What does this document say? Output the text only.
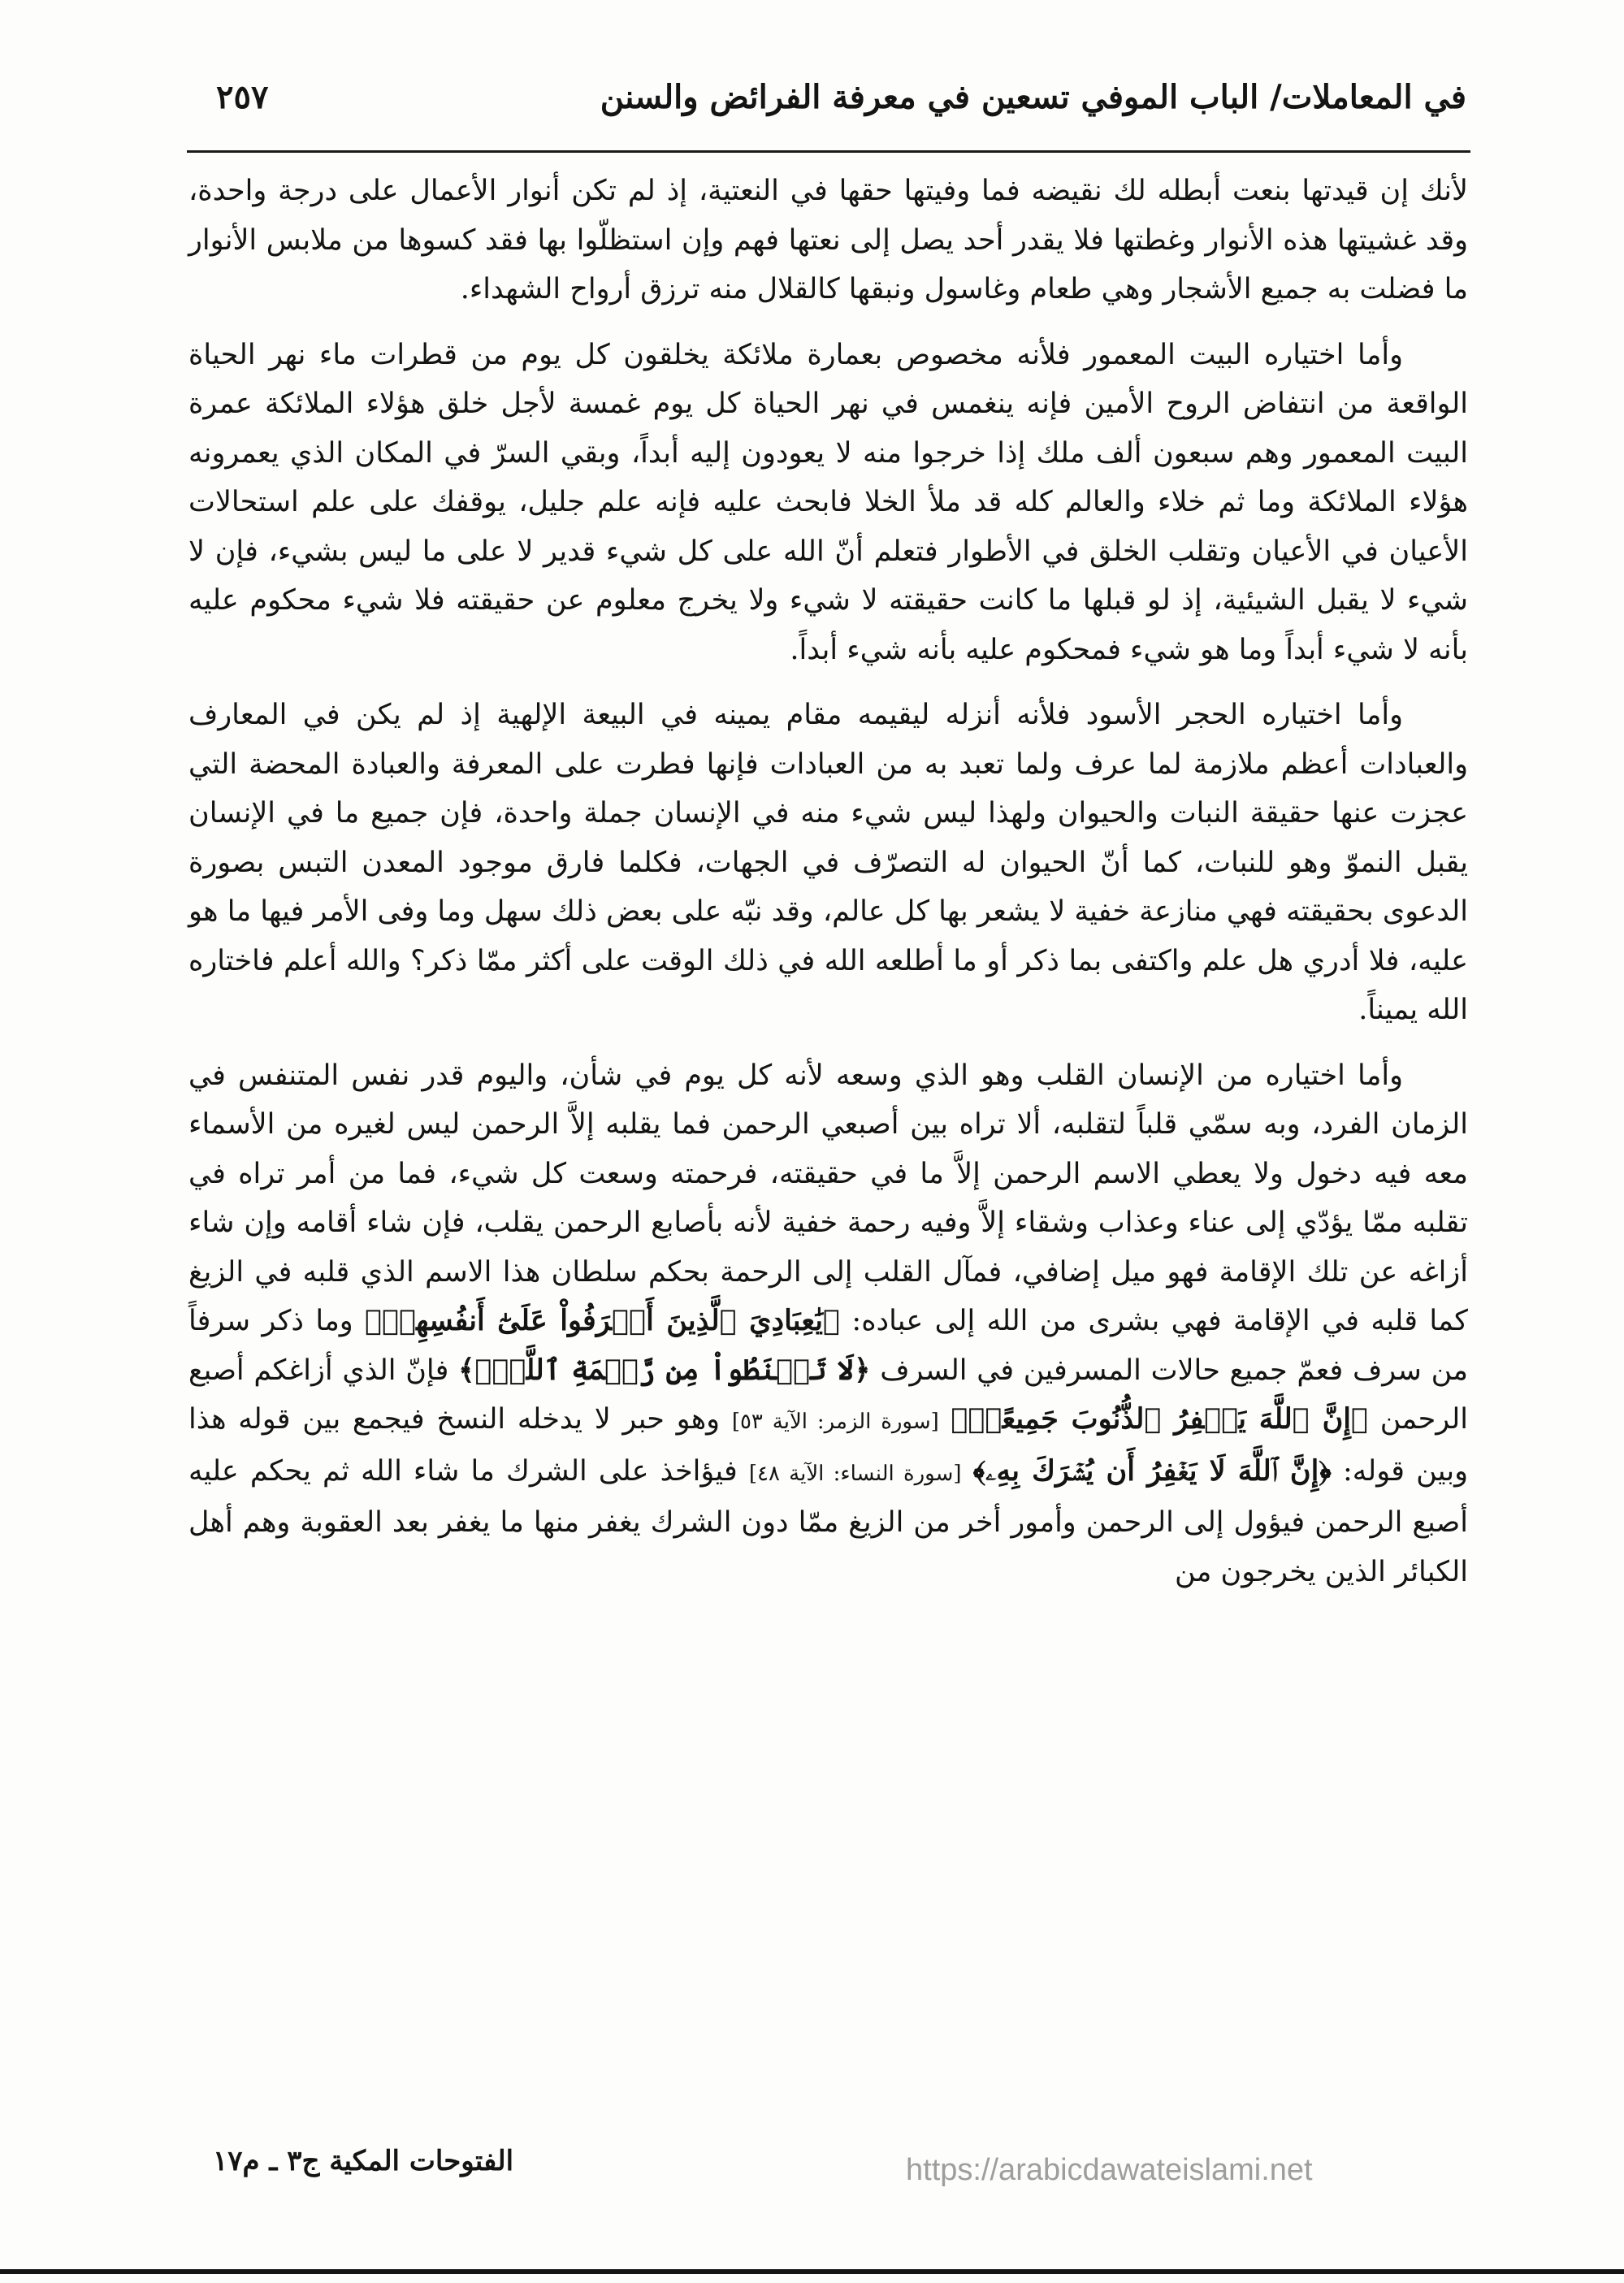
في المعاملات/ الباب الموفي تسعين في معرفة الفرائض والسنن
٢٥٧

لأنك إن قيدتها بنعت أبطله لك نقيضه فما وفيتها حقها في النعتية، إذ لم تكن أنوار الأعمال على درجة واحدة، وقد غشيتها هذه الأنوار وغطتها فلا يقدر أحد يصل إلى نعتها فهم وإن استظلّوا بها فقد كسوها من ملابس الأنوار ما فضلت به جميع الأشجار وهي طعام وغاسول ونبقها كالقلال منه ترزق أرواح الشهداء.

وأما اختياره البيت المعمور فلأنه مخصوص بعمارة ملائكة يخلقون كل يوم من قطرات ماء نهر الحياة الواقعة من انتفاض الروح الأمين فإنه ينغمس في نهر الحياة كل يوم غمسة لأجل خلق هؤلاء الملائكة عمرة البيت المعمور وهم سبعون ألف ملك إذا خرجوا منه لا يعودون إليه أبداً، وبقي السرّ في المكان الذي يعمرونه هؤلاء الملائكة وما ثم خلاء والعالم كله قد ملأ الخلا فابحث عليه فإنه علم جليل، يوقفك على علم استحالات الأعيان في الأعيان وتقلب الخلق في الأطوار فتعلم أنّ الله على كل شيء قدير لا على ما ليس بشيء، فإن لا شيء لا يقبل الشيئية، إذ لو قبلها ما كانت حقيقته لا شيء ولا يخرج معلوم عن حقيقته فلا شيء محكوم عليه بأنه لا شيء أبداً وما هو شيء فمحكوم عليه بأنه شيء أبداً.

وأما اختياره الحجر الأسود فلأنه أنزله ليقيمه مقام يمينه في البيعة الإلهية إذ لم يكن في المعارف والعبادات أعظم ملازمة لما عرف ولما تعبد به من العبادات فإنها فطرت على المعرفة والعبادة المحضة التي عجزت عنها حقيقة النبات والحيوان ولهذا ليس شيء منه في الإنسان جملة واحدة، فإن جميع ما في الإنسان يقبل النموّ وهو للنبات، كما أنّ الحيوان له التصرّف في الجهات، فكلما فارق موجود المعدن التبس بصورة الدعوى بحقيقته فهي منازعة خفية لا يشعر بها كل عالم، وقد نبّه على بعض ذلك سهل وما وفى الأمر فيها ما هو عليه، فلا أدري هل علم واكتفى بما ذكر أو ما أطلعه الله في ذلك الوقت على أكثر ممّا ذكر؟ والله أعلم فاختاره الله يميناً.

وأما اختياره من الإنسان القلب وهو الذي وسعه لأنه كل يوم في شأن، واليوم قدر نفس المتنفس في الزمان الفرد، وبه سمّي قلباً لتقلبه، ألا تراه بين أصبعي الرحمن فما يقلبه إلاَّ الرحمن ليس لغيره من الأسماء معه فيه دخول ولا يعطي الاسم الرحمن إلاَّ ما في حقيقته، فرحمته وسعت كل شيء، فما من أمر تراه في تقلبه ممّا يؤدّي إلى عناء وعذاب وشقاء إلاَّ وفيه رحمة خفية لأنه بأصابع الرحمن يقلب، فإن شاء أقامه وإن شاء أزاغه عن تلك الإقامة فهو ميل إضافي، فمآل القلب إلى الرحمة بحكم سلطان هذا الاسم الذي قلبه في الزيغ كما قلبه في الإقامة فهي بشرى من الله إلى عباده: ﴿يَٰعِبَادِيَ ٱلَّذِينَ أَسۡرَفُواْ عَلَىٰٓ أَنفُسِهِمۡ﴾ وما ذكر سرفاً من سرف فعمّ جميع حالات المسرفين في السرف ﴿لَا تَقۡنَطُواْ مِن رَّحۡمَةِ ٱللَّهِۚ﴾ فإنّ الذي أزاغكم أصبع الرحمن ﴿إِنَّ ٱللَّهَ يَغۡفِرُ ٱلذُّنُوبَ جَمِيعًاۚ﴾ [سورة الزمر: الآية ٥٣] وهو حبر لا يدخله النسخ فيجمع بين قوله هذا وبين قوله: ﴿إِنَّ ٱللَّهَ لَا يَغۡفِرُ أَن يُشۡرَكَ بِهِۦ﴾ [سورة النساء: الآية ٤٨] فيؤاخذ على الشرك ما شاء الله ثم يحكم عليه أصبع الرحمن فيؤول إلى الرحمن وأمور أخر من الزيغ ممّا دون الشرك يغفر منها ما يغفر بعد العقوبة وهم أهل الكبائر الذين يخرجون من

الفتوحات المكية ج٣ ـ م١٧	https://arabicdawateislami.net
